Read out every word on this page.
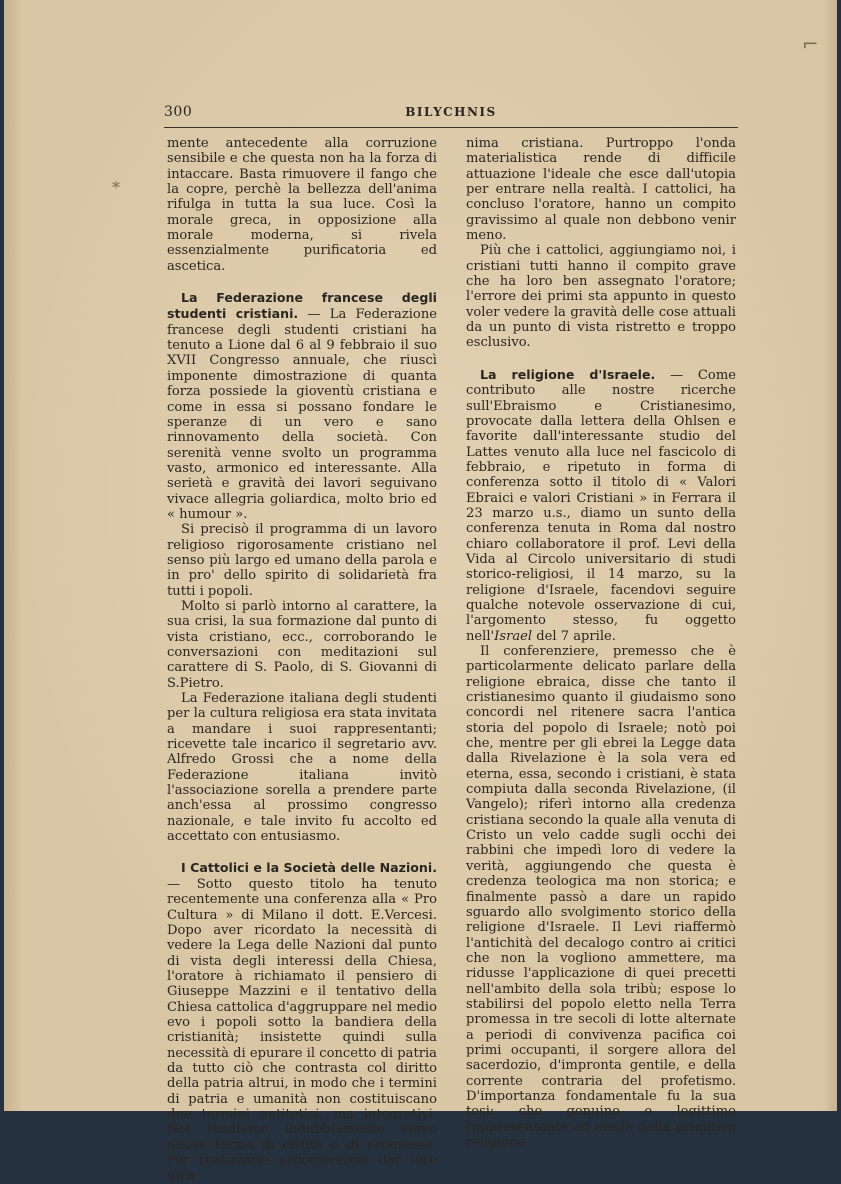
300	BILYCHNIS

mente antecedente alla corruzione sensibile e che questa non ha la forza di intaccare. Basta rimuovere il fango che la copre, perchè la bellezza dell'anima rifulga in tutta la sua luce. Così la morale greca, in opposizione alla morale moderna, si rivela essenzialmente purificatoria ed ascetica.

La Federazione francese degli studenti cristiani. — La Federazione francese degli studenti cristiani ha tenuto a Lione dal 6 al 9 febbraio il suo XVII Congresso annuale, che riuscì imponente dimostrazione di quanta forza possiede la gioventù cristiana e come in essa si possano fondare le speranze di un vero e sano rinnovamento della società. Con serenità venne svolto un programma vasto, armonico ed interessante. Alla serietà e gravità dei lavori seguivano vivace allegria goliardica, molto brio ed « humour ».

Si precisò il programma di un lavoro religioso rigorosamente cristiano nel senso più largo ed umano della parola e in pro' dello spirito di solidarietà fra tutti i popoli.

Molto si parlò intorno al carattere, la sua crisi, la sua formazione dal punto di vista cristiano, ecc., corroborando le conversazioni con meditazioni sul carattere di S. Paolo, di S. Giovanni di S.Pietro.

La Federazione italiana degli studenti per la cultura religiosa era stata invitata a mandare i suoi rappresentanti; ricevette tale incarico il segretario avv. Alfredo Grossi che a nome della Federazione italiana invitò l'associazione sorella a prendere parte anch'essa al prossimo congresso nazionale, e tale invito fu accolto ed accettato con entusiasmo.

I Cattolici e la Società delle Nazioni. — Sotto questo titolo ha tenuto recentemente una conferenza alla « Pro Cultura » di Milano il dott. E.Vercesi. Dopo aver ricordato la necessità di vedere la Lega delle Nazioni dal punto di vista degli interessi della Chiesa, l'oratore à richiamato il pensiero di Giuseppe Mazzini e il tentativo della Chiesa cattolica d'aggruppare nel medio evo i popoli sotto la bandiera della cristianità; insistette quindi sulla necessità di epurare il concetto di patria da tutto ciò che contrasta col diritto della patria altrui, in modo che i termini di patria e umanità non costituiscano due termini antitetici, ma integrativi. Noi tendiamo indubbiamente verso nuove forme di civiltà e di progresso. Per realizzarle occorrerebbe dar loro un'a-

nima cristiana. Purtroppo l'onda materialistica rende di difficile attuazione l'ideale che esce dall'utopia per entrare nella realtà. I cattolici, ha concluso l'oratore, hanno un compito gravissimo al quale non debbono venir meno.

Più che i cattolici, aggiungiamo noi, i cristiani tutti hanno il compito grave che ha loro ben assegnato l'oratore; l'errore dei primi sta appunto in questo voler vedere la gravità delle cose attuali da un punto di vista ristretto e troppo esclusivo.

La religione d'Israele. — Come contributo alle nostre ricerche sull'Ebraismo e Cristianesimo, provocate dalla lettera della Ohlsen e favorite dall'interessante studio del Lattes venuto alla luce nel fascicolo di febbraio, e ripetuto in forma di conferenza sotto il titolo di « Valori Ebraici e valori Cristiani » in Ferrara il 23 marzo u.s., diamo un sunto della conferenza tenuta in Roma dal nostro chiaro collaboratore il prof. Levi della Vida al Circolo universitario di studi storico-religiosi, il 14 marzo, su la religione d'Israele, facendovi seguire qualche notevole osservazione di cui, l'argomento stesso, fu oggetto nell'Israel del 7 aprile.

Il conferenziere, premesso che è particolarmente delicato parlare della religione ebraica, disse che tanto il cristianesimo quanto il giudaismo sono concordi nel ritenere sacra l'antica storia del popolo di Israele; notò poi che, mentre per gli ebrei la Legge data dalla Rivelazione è la sola vera ed eterna, essa, secondo i cristiani, è stata compiuta dalla seconda Rivelazione, (il Vangelo); riferì intorno alla credenza cristiana secondo la quale alla venuta di Cristo un velo cadde sugli occhi dei rabbini che impedì loro di vedere la verità, aggiungendo che questa è credenza teologica ma non storica; e finalmente passò a dare un rapido sguardo allo svolgimento storico della religione d'Israele. Il Levi riaffermò l'antichità del decalogo contro ai critici che non la vogliono ammettere, ma ridusse l'applicazione di quei precetti nell'ambito della sola tribù; espose lo stabilirsi del popolo eletto nella Terra promessa in tre secoli di lotte alternate a periodi di convivenza pacifica coi primi occupanti, il sorgere allora del sacerdozio, d'impronta gentile, e della corrente contraria del profetismo. D'importanza fondamentale fu la sua tesi: che genuino e legittimo rappresentante ed erede della primitiva religione

*
⌐
